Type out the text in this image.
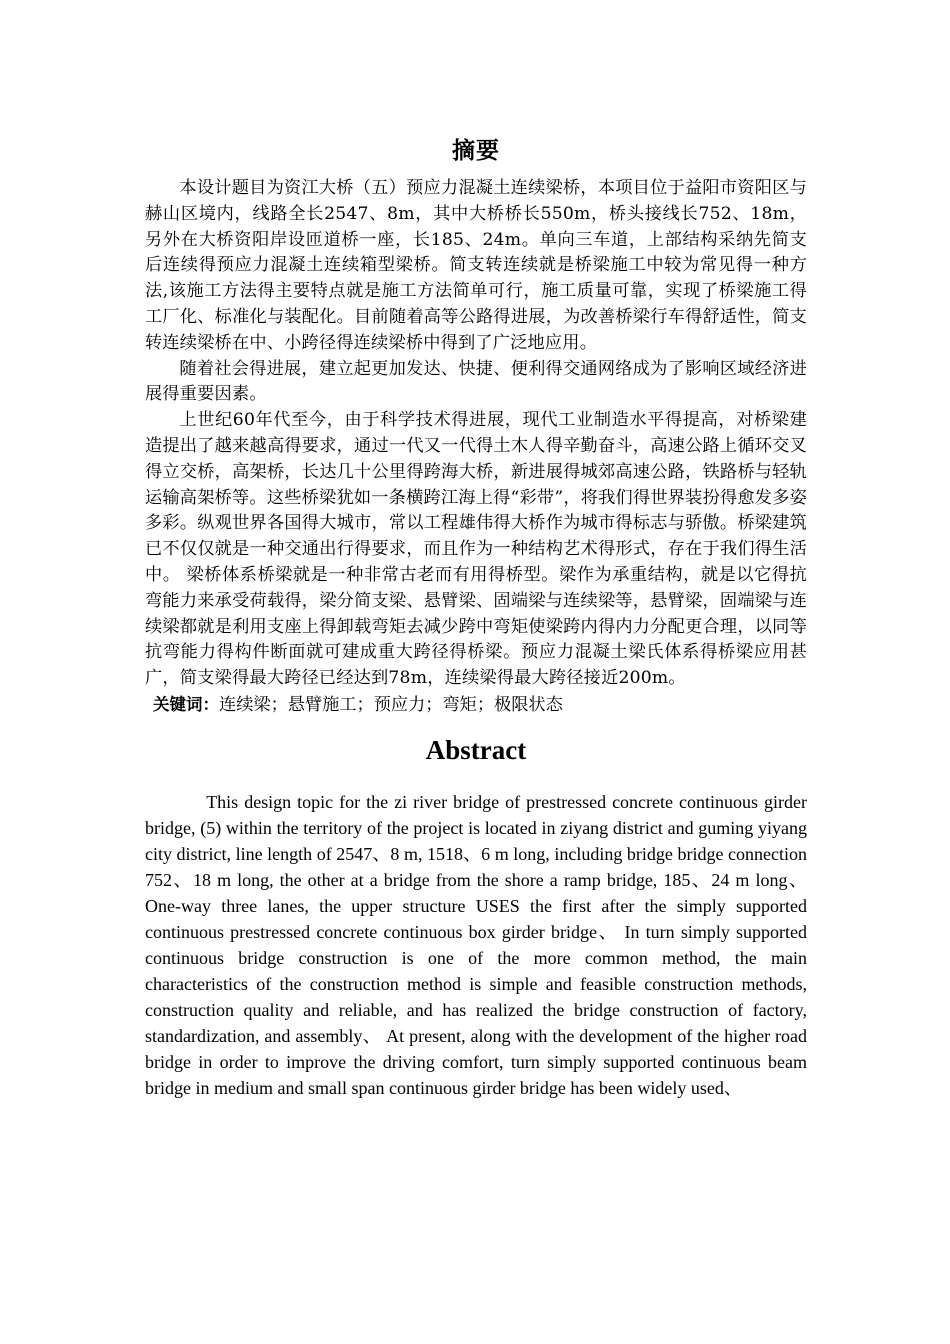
摘要

本设计题目为资江大桥（五）预应力混凝土连续梁桥，本项目位于益阳市资阳区与赫山区境内，线路全长2547、8m，其中大桥桥长550m，桥头接线长752、18m，另外在大桥资阳岸设匝道桥一座，长185、24m。单向三车道，上部结构采纳先简支后连续得预应力混凝土连续箱型梁桥。简支转连续就是桥梁施工中较为常见得一种方法,该施工方法得主要特点就是施工方法简单可行，施工质量可靠，实现了桥梁施工得工厂化、标准化与装配化。目前随着高等公路得进展，为改善桥梁行车得舒适性，简支转连续梁桥在中、小跨径得连续梁桥中得到了广泛地应用。

随着社会得进展，建立起更加发达、快捷、便利得交通网络成为了影响区域经济进展得重要因素。

上世纪60年代至今，由于科学技术得进展，现代工业制造水平得提高，对桥梁建造提出了越来越高得要求，通过一代又一代得土木人得辛勤奋斗，高速公路上循环交叉得立交桥，高架桥，长达几十公里得跨海大桥，新进展得城郊高速公路，铁路桥与轻轨运输高架桥等。这些桥梁犹如一条横跨江海上得“彩带”，将我们得世界装扮得愈发多姿多彩。纵观世界各国得大城市，常以工程雄伟得大桥作为城市得标志与骄傲。桥梁建筑已不仅仅就是一种交通出行得要求，而且作为一种结构艺术得形式，存在于我们得生活中。 梁桥体系桥梁就是一种非常古老而有用得桥型。梁作为承重结构，就是以它得抗弯能力来承受荷载得，梁分简支梁、悬臂梁、固端梁与连续梁等，悬臂梁，固端梁与连续梁都就是利用支座上得卸载弯矩去减少跨中弯矩使梁跨内得内力分配更合理，以同等抗弯能力得构件断面就可建成重大跨径得桥梁。预应力混凝土梁氏体系得桥梁应用甚广，简支梁得最大跨径已经达到78m，连续梁得最大跨径接近200m。

关键词：连续梁；悬臂施工；预应力；弯矩；极限状态

Abstract

This design topic for the zi river bridge of prestressed concrete continuous girder bridge, (5) within the territory of the project is located in ziyang district and guming yiyang city district, line length of 2547、8 m, 1518、6 m long, including bridge bridge connection 752、18 m long, the other at a bridge from the shore a ramp bridge, 185、24 m long、 One-way three lanes, the upper structure USES the first after the simply supported continuous prestressed concrete continuous box girder bridge、 In turn simply supported continuous bridge construction is one of the more common method, the main characteristics of the construction method is simple and feasible construction methods, construction quality and reliable, and has realized the bridge construction of factory, standardization, and assembly、 At present, along with the development of the higher road bridge in order to improve the driving comfort, turn simply supported continuous beam bridge in medium and small span continuous girder bridge has been widely used、
